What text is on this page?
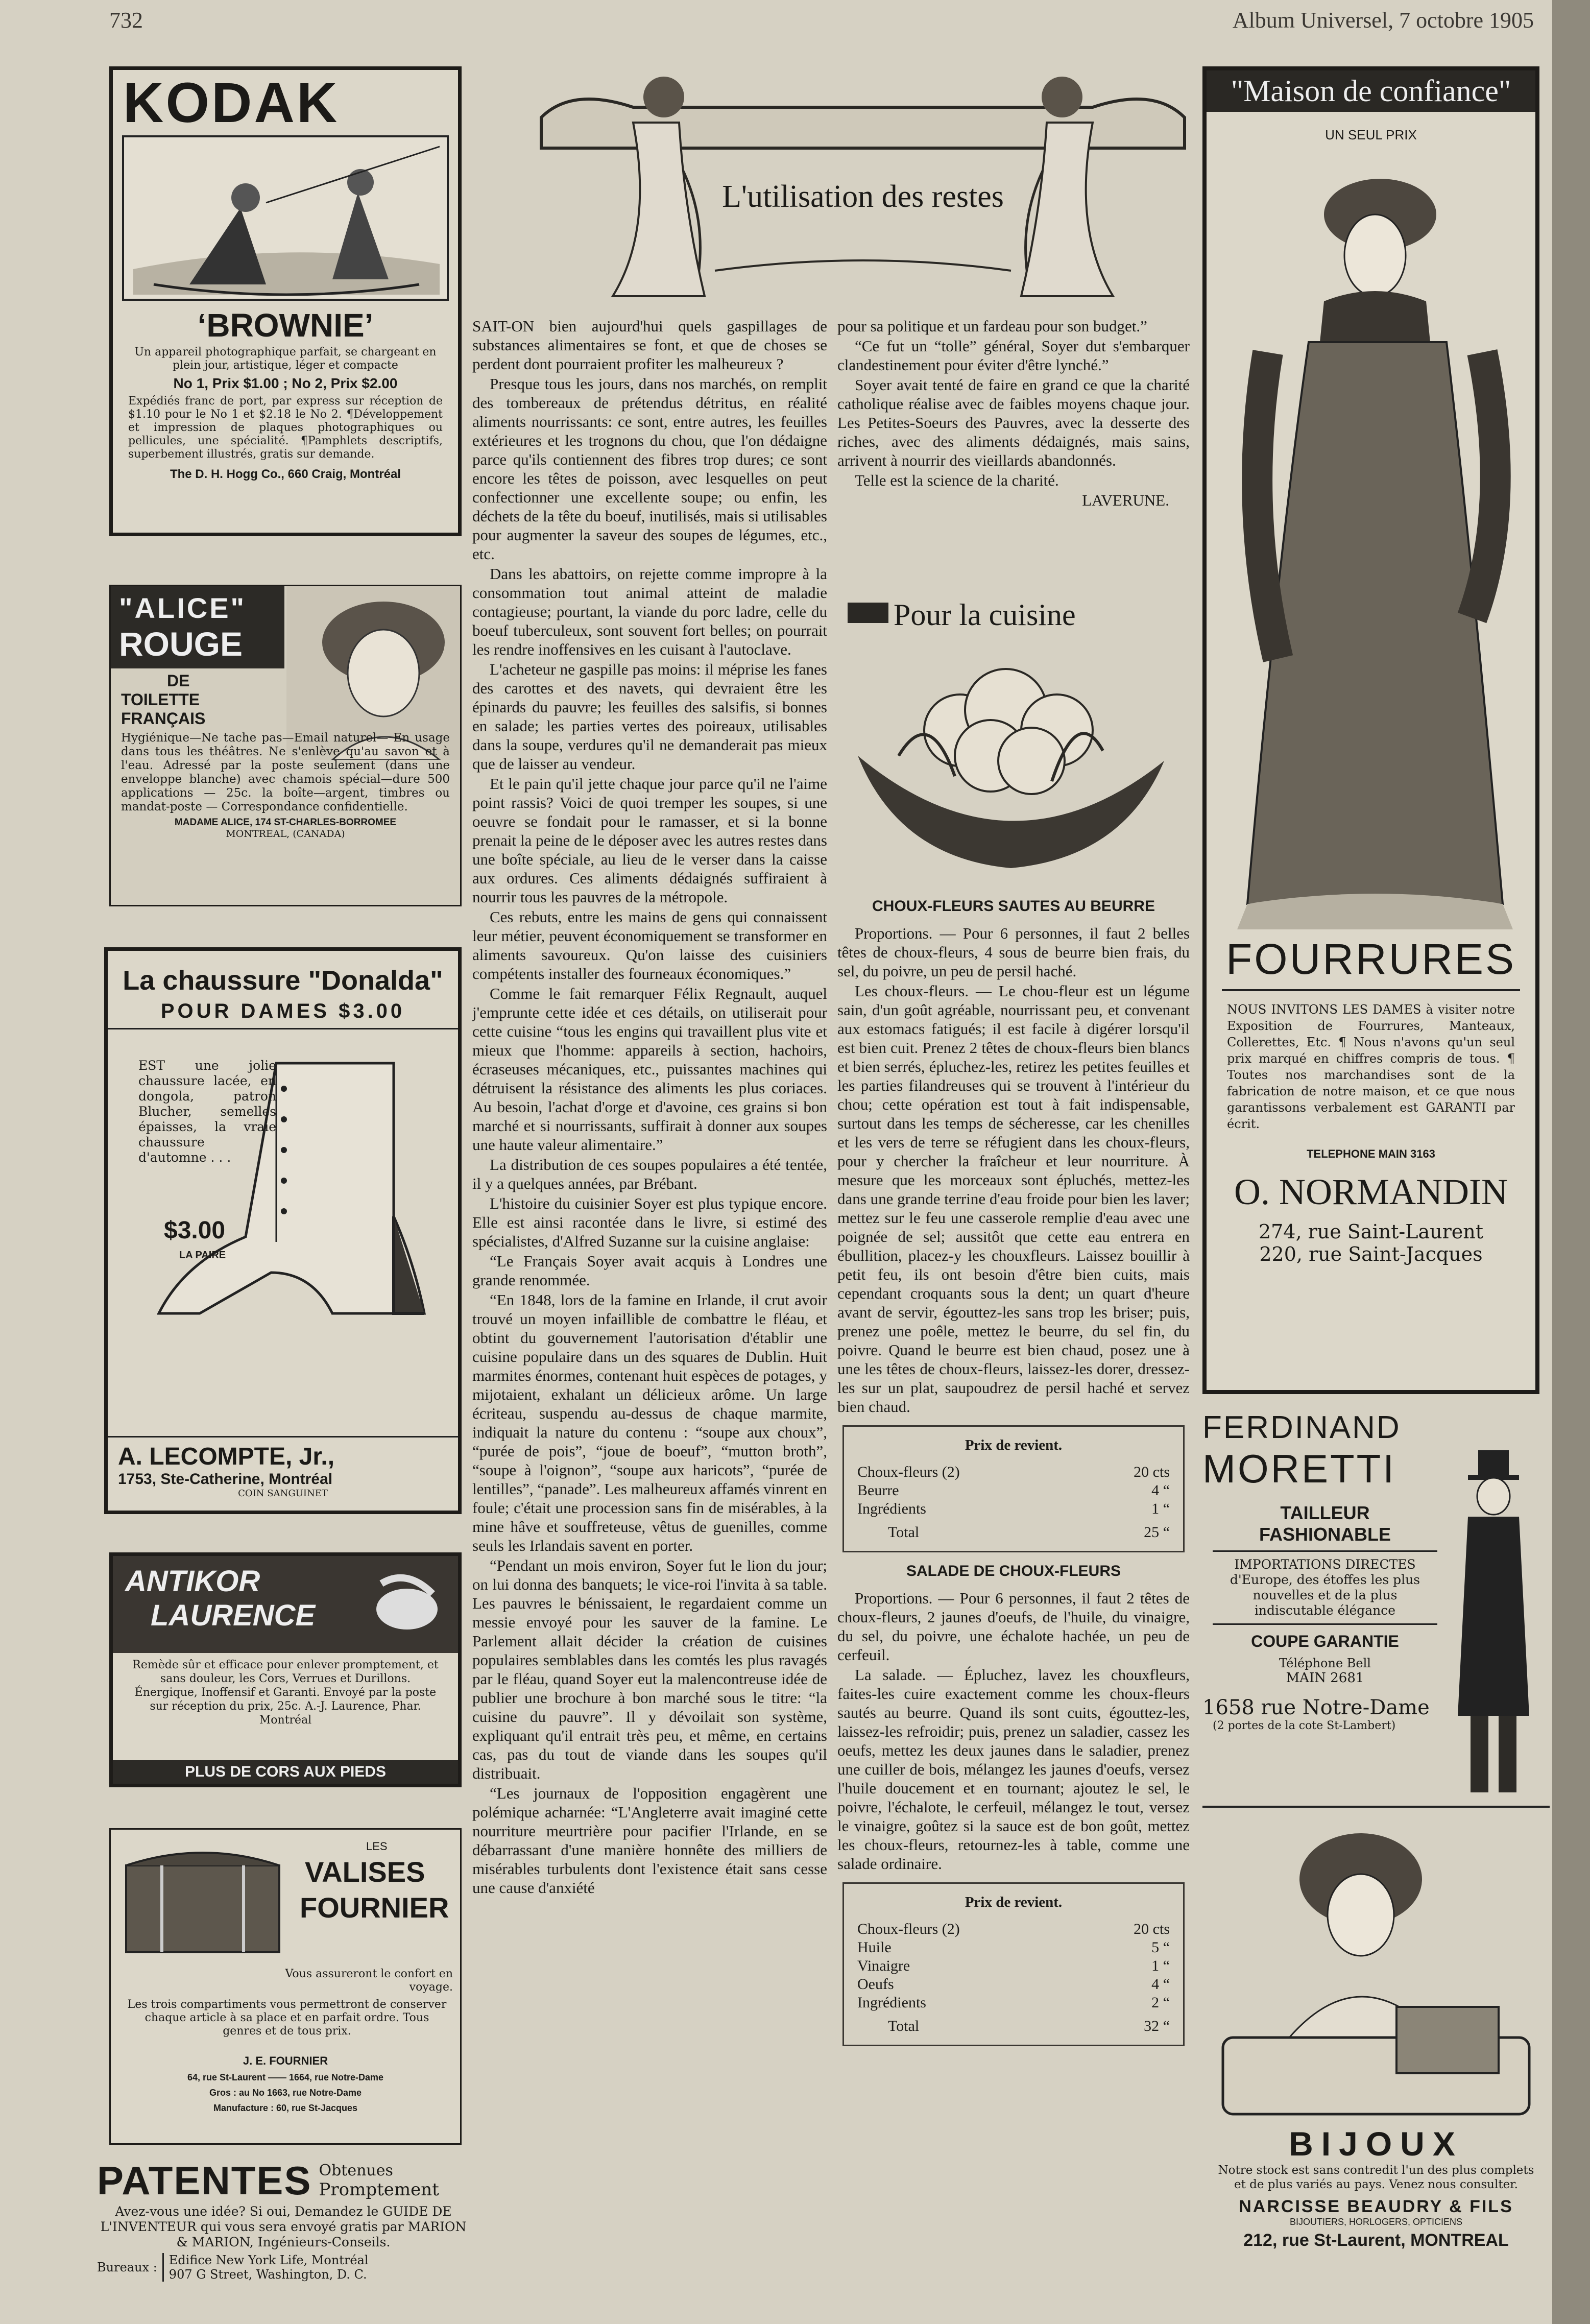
732	Album Universel, 7 octobre 1905
KODAK
‘BROWNIE’
Un appareil photographique parfait, se chargeant en plein jour, artistique, léger et compacte
No 1, Prix $1.00 ; No 2, Prix $2.00
Expédiés franc de port, par express sur réception de $1.10 pour le No 1 et $2.18 le No 2. ¶Développement et impression de plaques photographiques ou pellicules, une spécialité. ¶Pamphlets descriptifs, superbement illustrés, gratis sur demande.
The D. H. Hogg Co., 660 Craig, Montréal
"ALICE"
ROUGE
DE
TOILETTE
FRANÇAIS
Hygiénique—Ne tache pas—Email naturel— En usage dans tous les théâtres. Ne s'enlève qu'au savon et à l'eau. Adressé par la poste seulement (dans une enveloppe blanche) avec chamois spécial—dure 500 applications — 25c. la boîte—argent, timbres ou mandat-poste — Correspondance confidentielle.
MADAME ALICE, 174 ST-CHARLES-BORROMEE
MONTREAL, (CANADA)
La chaussure "Donalda"
POUR DAMES $3.00
EST une jolie chaussure lacée, en dongola, patron Blucher, semelles épaisses, la vraie chaussure d'automne . . .
$3.00
LA PAIRE
A. LECOMPTE, Jr.,
1753, Ste-Catherine, Montréal
COIN SANGUINET
ANTIKOR
LAURENCE
Remède sûr et efficace pour enlever promptement, et sans douleur, les Cors, Verrues et Durillons. Énergique, Inoffensif et Garanti. Envoyé par la poste sur réception du prix, 25c. A.-J. Laurence, Phar. Montréal
PLUS DE CORS AUX PIEDS
LES
VALISES
FOURNIER
Vous assureront le confort en voyage.
Les trois compartiments vous permettront de conserver chaque article à sa place et en parfait ordre. Tous genres et de tous prix.
J. E. FOURNIER
64, rue St-Laurent —— 1664, rue Notre-Dame
Gros : au No 1663, rue Notre-Dame
Manufacture : 60, rue St-Jacques
PATENTES Obtenues
Promptement
Avez-vous une idée? Si oui, Demandez le GUIDE DE L'INVENTEUR qui vous sera envoyé gratis par MARION & MARION, Ingénieurs-Conseils.
Bureaux : Edifice New York Life, Montréal
907 G Street, Washington, D. C.
L'utilisation des restes

SAIT-ON bien aujourd'hui quels gaspillages de substances alimentaires se font, et que de choses se perdent dont pourraient profiter les malheureux ?

Presque tous les jours, dans nos marchés, on remplit des tombereaux de prétendus détritus, en réalité aliments nourrissants: ce sont, entre autres, les feuilles extérieures et les trognons du chou, que l'on dédaigne parce qu'ils contiennent des fibres trop dures; ce sont encore les têtes de poisson, avec lesquelles on peut confectionner une excellente soupe; ou enfin, les déchets de la tête du boeuf, inutilisés, mais si utilisables pour augmenter la saveur des soupes de légumes, etc., etc.

Dans les abattoirs, on rejette comme impropre à la consommation tout animal atteint de maladie contagieuse; pourtant, la viande du porc ladre, celle du boeuf tuberculeux, sont souvent fort belles; on pourrait les rendre inoffensives en les cuisant à l'autoclave.

L'acheteur ne gaspille pas moins: il méprise les fanes des carottes et des navets, qui devraient être les épinards du pauvre; les feuilles des salsifis, si bonnes en salade; les parties vertes des poireaux, utilisables dans la soupe, verdures qu'il ne demanderait pas mieux que de laisser au vendeur.

Et le pain qu'il jette chaque jour parce qu'il ne l'aime point rassis? Voici de quoi tremper les soupes, si une oeuvre se fondait pour le ramasser, et si la bonne prenait la peine de le déposer avec les autres restes dans une boîte spéciale, au lieu de le verser dans la caisse aux ordures. Ces aliments dédaignés suffiraient à nourrir tous les pauvres de la métropole.

Ces rebuts, entre les mains de gens qui connaissent leur métier, peuvent économiquement se transformer en aliments savoureux. Qu'on laisse des cuisiniers compétents installer des fourneaux économiques.”

Comme le fait remarquer Félix Regnault, auquel j'emprunte cette idée et ces détails, on utiliserait pour cette cuisine “tous les engins qui travaillent plus vite et mieux que l'homme: appareils à section, hachoirs, écraseuses mécaniques, etc., puissantes machines qui détruisent la résistance des aliments les plus coriaces. Au besoin, l'achat d'orge et d'avoine, ces grains si bon marché et si nourrissants, suffirait à donner aux soupes une haute valeur alimentaire.”

La distribution de ces soupes populaires a été tentée, il y a quelques années, par Brébant.

L'histoire du cuisinier Soyer est plus typique encore. Elle est ainsi racontée dans le livre, si estimé des spécialistes, d'Alfred Suzanne sur la cuisine anglaise:

“Le Français Soyer avait acquis à Londres une grande renommée.

“En 1848, lors de la famine en Irlande, il crut avoir trouvé un moyen infaillible de combattre le fléau, et obtint du gouvernement l'autorisation d'établir une cuisine populaire dans un des squares de Dublin. Huit marmites énormes, contenant huit espèces de potages, y mijotaient, exhalant un délicieux arôme. Un large écriteau, suspendu au-dessus de chaque marmite, indiquait la nature du contenu : “soupe aux choux”, “purée de pois”, “joue de boeuf”, “mutton broth”, “soupe à l'oignon”, “soupe aux haricots”, “purée de lentilles”, “panade”. Les malheureux affamés vinrent en foule; c'était une procession sans fin de misérables, à la mine hâve et souffreteuse, vêtus de guenilles, comme seuls les Irlandais savent en porter.

“Pendant un mois environ, Soyer fut le lion du jour; on lui donna des banquets; le vice-roi l'invita à sa table. Les pauvres le bénissaient, le regardaient comme un messie envoyé pour les sauver de la famine. Le Parlement allait décider la création de cuisines populaires semblables dans les comtés les plus ravagés par le fléau, quand Soyer eut la malencontreuse idée de publier une brochure à bon marché sous le titre: “la cuisine du pauvre”. Il y dévoilait son système, expliquant qu'il entrait très peu, et même, en certains cas, pas du tout de viande dans les soupes qu'il distribuait.

“Les journaux de l'opposition engagèrent une polémique acharnée: “L'Angleterre avait imaginé cette nourriture meurtrière pour pacifier l'Irlande, en se débarrassant d'une manière honnête des milliers de misérables turbulents dont l'existence était sans cesse une cause d'anxiété

pour sa politique et un fardeau pour son budget.”

“Ce fut un “tolle” général, Soyer dut s'embarquer clandestinement pour éviter d'être lynché.”

Soyer avait tenté de faire en grand ce que la charité catholique réalise avec de faibles moyens chaque jour. Les Petites-Soeurs des Pauvres, avec la desserte des riches, avec des aliments dédaignés, mais sains, arrivent à nourrir des vieillards abandonnés.

Telle est la science de la charité.

LAVERUNE.
Pour la cuisine
CHOUX-FLEURS SAUTES AU BEURRE

Proportions. — Pour 6 personnes, il faut 2 belles têtes de choux-fleurs, 4 sous de beurre bien frais, du sel, du poivre, un peu de persil haché.

Les choux-fleurs. — Le chou-fleur est un légume sain, d'un goût agréable, nourrissant peu, et convenant aux estomacs fatigués; il est facile à digérer lorsqu'il est bien cuit. Prenez 2 têtes de choux-fleurs bien blancs et bien serrés, épluchez-les, retirez les petites feuilles et les parties filandreuses qui se trouvent à l'intérieur du chou; cette opération est tout à fait indispensable, surtout dans les temps de sécheresse, car les chenilles et les vers de terre se réfugient dans les choux-fleurs, pour y chercher la fraîcheur et leur nourriture. À mesure que les morceaux sont épluchés, mettez-les dans une grande terrine d'eau froide pour bien les laver; mettez sur le feu une casserole remplie d'eau avec une poignée de sel; aussitôt que cette eau entrera en ébullition, placez-y les chouxfleurs. Laissez bouillir à petit feu, ils ont besoin d'être bien cuits, mais cependant croquants sous la dent; un quart d'heure avant de servir, égouttez-les sans trop les briser; puis, prenez une poêle, mettez le beurre, du sel fin, du poivre. Quand le beurre est bien chaud, posez une à une les têtes de choux-fleurs, laissez-les dorer, dressez-les sur un plat, saupoudrez de persil haché et servez bien chaud.

Prix de revient.
Choux-fleurs (2)	20 cts
Beurre	4 “
Ingrédients	1 “
Total	25 “
SALADE DE CHOUX-FLEURS

Proportions. — Pour 6 personnes, il faut 2 têtes de choux-fleurs, 2 jaunes d'oeufs, de l'huile, du vinaigre, du sel, du poivre, une échalote hachée, un peu de cerfeuil.

La salade. — Épluchez, lavez les chouxfleurs, faites-les cuire exactement comme les choux-fleurs sautés au beurre. Quand ils sont cuits, égouttez-les, laissez-les refroidir; puis, prenez un saladier, cassez les oeufs, mettez les deux jaunes dans le saladier, prenez une cuiller de bois, mélangez les jaunes d'oeufs, versez l'huile doucement et en tournant; ajoutez le sel, le poivre, l'échalote, le cerfeuil, mélangez le tout, versez le vinaigre, goûtez si la sauce est de bon goût, mettez les choux-fleurs, retournez-les à table, comme une salade ordinaire.

Prix de revient.
Choux-fleurs (2)	20 cts
Huile	5 “
Vinaigre	1 “
Oeufs	4 “
Ingrédients	2 “
Total	32 “
"Maison de confiance"
UN SEUL PRIX
FOURRURES
NOUS INVITONS LES DAMES à visiter notre Exposition de Fourrures, Manteaux, Collerettes, Etc. ¶ Nous n'avons qu'un seul prix marqué en chiffres compris de tous. ¶ Toutes nos marchandises sont de la fabrication de notre maison, et ce que nous garantissons verbalement est GARANTI par écrit.
TELEPHONE MAIN 3163
O. NORMANDIN
274, rue Saint-Laurent
220, rue Saint-Jacques
FERDINAND
MORETTI
TAILLEUR
FASHIONABLE
IMPORTATIONS DIRECTES d'Europe, des étoffes les plus nouvelles et de la plus indiscutable élégance
COUPE GARANTIE
Téléphone Bell
MAIN 2681
1658 rue Notre-Dame
(2 portes de la cote St-Lambert)
BIJOUX
Notre stock est sans contredit l'un des plus complets et de plus variés au pays. Venez nous consulter.
NARCISSE BEAUDRY & FILS
BIJOUTIERS, HORLOGERS, OPTICIENS
212, rue St-Laurent, MONTREAL
